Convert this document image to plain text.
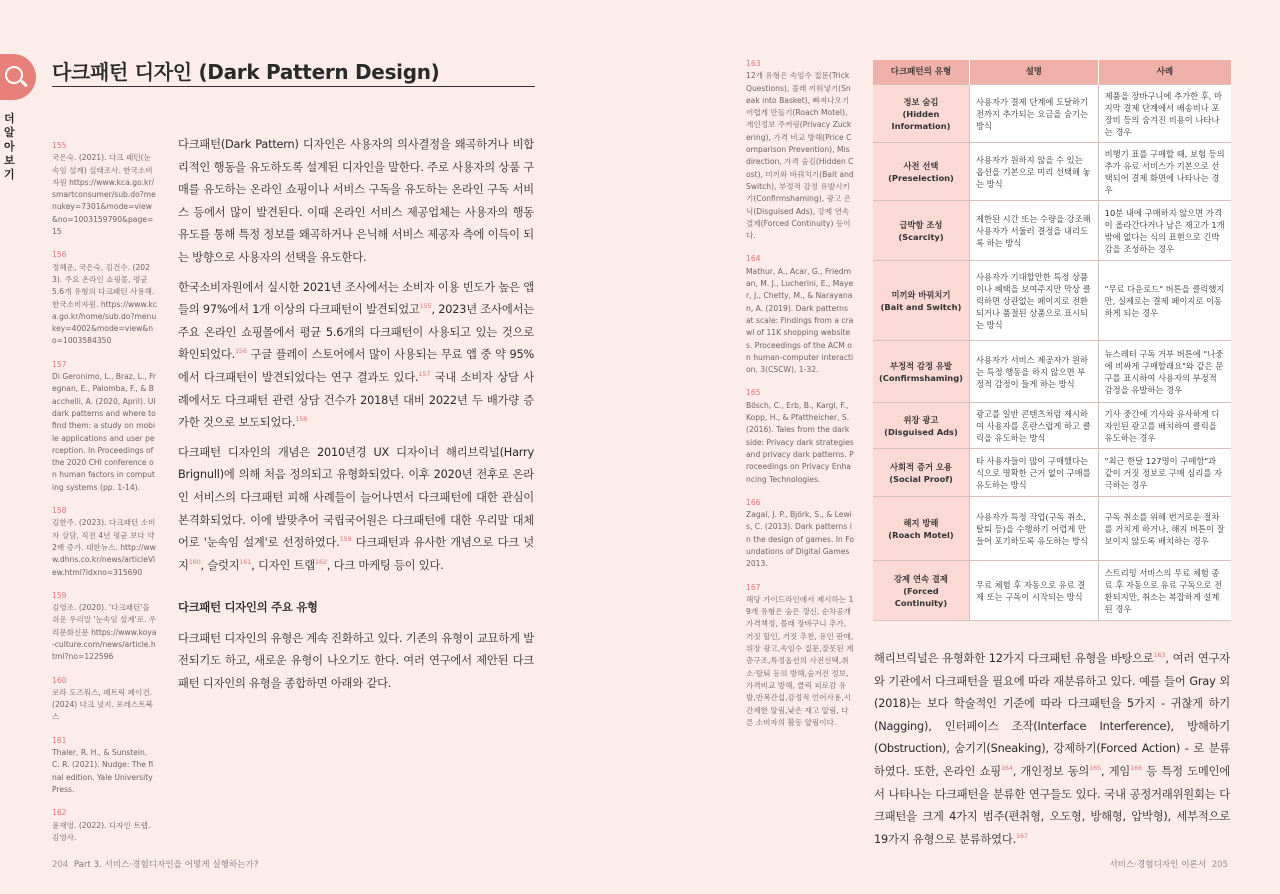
더알아보기
다크패턴 디자인 (Dark Pattern Design)
155
국은숙. (2021). 다크 패턴(눈속임 설계) 실태조사. 한국소비자원 https://www.kca.go.kr/smartconsumer/sub.do?menukey=7301&mode=view&no=1003159790&page=15
156
정혜운, 국은숙, 김건수. (2023). 주요 온라인 쇼핑몰, 평균 5.6개 유형의 다크패턴 사용해. 한국소비자원. https://www.kca.go.kr/home/sub.do?menukey=4002&mode=view&no=1003584350
157
Di Geronimo, L., Braz, L., Fregnan, E., Palomba, F., & Bacchelli, A. (2020, April). UI dark patterns and where to find them: a study on mobile applications and user perception. In Proceedings of the 2020 CHI conference on human factors in computing systems (pp. 1-14).
158
김한주. (2023). 다크패턴 소비자 상담, 직전 4년 평균 보다 약 2배 증가. 대한뉴스. http://www.dhns.co.kr/news/articleView.html?idxno=315690
159
김영조. (2020). '다크패턴'을 쉬운 우리말 '눈속임 설계'로. 우리문화신문 https://www.koya-culture.com/news/article.html?no=122596
160
로라 도즈워스, 패트릭 페이건. (2024) 다크 넛지. 포레스트북스
161
Thaler, R. H., & Sunstein, C. R. (2021). Nudge: The final edition. Yale University Press.
162
윤재영. (2022). 디자인 트랩. 김영사.

다크패턴(Dark Pattern) 디자인은 사용자의 의사결정을 왜곡하거나 비합리적인 행동을 유도하도록 설계된 디자인을 말한다. 주로 사용자의 상품 구매를 유도하는 온라인 쇼핑이나 서비스 구독을 유도하는 온라인 구독 서비스 등에서 많이 발견된다. 이때 온라인 서비스 제공업체는 사용자의 행동 유도를 통해 특정 정보를 왜곡하거나 은닉해 서비스 제공자 측에 이득이 되는 방향으로 사용자의 선택을 유도한다.

한국소비자원에서 실시한 2021년 조사에서는 소비자 이용 빈도가 높은 앱들의 97%에서 1개 이상의 다크패턴이 발견되었고$^{155}$, 2023년 조사에서는 주요 온라인 쇼핑몰에서 평균 5.6개의 다크패턴이 사용되고 있는 것으로 확인되었다.$^{156}$ 구글 플레이 스토어에서 많이 사용되는 무료 앱 중 약 95%에서 다크패턴이 발견되었다는 연구 결과도 있다.$^{157}$ 국내 소비자 상담 사례에서도 다크패턴 관련 상담 건수가 2018년 대비 2022년 두 배가량 증가한 것으로 보도되었다.$^{158}$

다크패턴 디자인의 개념은 2010년경 UX 디자이너 해리브릭널(Harry Brignull)에 의해 처음 정의되고 유형화되었다. 이후 2020년 전후로 온라인 서비스의 다크패턴 피해 사례들이 늘어나면서 다크패턴에 대한 관심이 본격화되었다. 이에 발맞추어 국립국어원은 다크패턴에 대한 우리말 대체어로 '눈속임 설계'로 선정하였다.$^{159}$ 다크패턴과 유사한 개념으로 다크 넛지$^{160}$, 슬럿지$^{161}$, 디자인 트랩$^{162}$, 다크 마케팅 등이 있다.

다크패턴 디자인의 주요 유형

다크패턴 디자인의 유형은 계속 진화하고 있다. 기존의 유형이 교묘하게 발전되기도 하고, 새로운 유형이 나오기도 한다. 여러 연구에서 제안된 다크패턴 디자인의 유형을 종합하면 아래와 같다.

163
12개 유형은 속임수 질문(Trick Questions), 몰래 끼워넣기(Sneak into Basket), 빠져나오기 어렵게 만들기(Roach Motel), 개인정보 주커링(Privacy Zuckering), 가격 비교 방해(Price Comparison Prevention), Misdirection, 가격 숨김(Hidden Cost), 미끼와 바꿔치기(Bait and Switch), 부정적 감정 유발시키기(Confirmshaming), 광고 은닉(Disguised Ads), 강제 연속 결제(Forced Continuity) 등이다.
164
Mathur, A., Acar, G., Friedman, M. J., Lucherini, E., Mayer, J., Chetty, M., & Narayanan, A. (2019). Dark patterns at scale: Findings from a crawl of 11K shopping websites. Proceedings of the ACM on human-computer interaction, 3(CSCW), 1-32.
165
Bösch, C., Erb, B., Kargl, F., Kopp, H., & Pfattheicher, S. (2016). Tales from the dark side: Privacy dark strategies and privacy dark patterns. Proceedings on Privacy Enhancing Technologies.
166
Zagal, J. P., Björk, S., & Lewis, C. (2013). Dark patterns in the design of games. In Foundations of Digital Games 2013.
167
해당 가이드라인에서 제시하는 19개 유형은 숨은 갱신, 순차공개 가격책정, 몰래 장바구니 추가, 거짓 할인, 거짓 추천, 유인 판매,위장 광고,속임수 질문,잘못된 계층구조,특정옵션의 사전선택,취소·탈퇴 등의 방해,숨겨진 정보,가격비교 방해, 클릭 피로감 유발,반복간섭,감정적 언어사용,시간제한 알림,낮은 재고 알림, 다른 소비자의 활동 알림이다.
다크패턴의 유형	설명	사례

정보 숨김
(Hidden
Information)	사용자가 결제 단계에 도달하기 전까지 추가되는 요금을 숨기는 방식	제품을 장바구니에 추가한 후, 마지막 결제 단계에서 배송비나 포장비 등의 숨겨진 비용이 나타나는 경우

사전 선택
(Preselection)	사용자가 원하지 않을 수 있는 옵션을 기본으로 미리 선택해 놓는 방식	비행기 표를 구매할 때, 보험 등의 추가 유료 서비스가 기본으로 선택되어 결제 화면에 나타나는 경우

급박함 조성
(Scarcity)	제한된 시간 또는 수량을 강조해 사용자가 서둘러 결정을 내리도록 하는 방식	10분 내에 구매하지 않으면 가격이 올라간다거나 남은 재고가 1개밖에 없다는 식의 표현으로 긴박감을 조성하는 경우

미끼와 바꿔치기
(Bait and Switch)	사용자가 기대할만한 특정 상품이나 혜택을 보여주지만 막상 클릭하면 상관없는 페이지로 전환되거나 품절된 상품으로 표시되는 방식	"무료 다운로드" 버튼을 클릭했지만, 실제로는 결제 페이지로 이동하게 되는 경우

부정적 감정 유발
(Confirmshaming)	사용자가 서비스 제공자가 원하는 특정 행동을 하지 않으면 부정적 감정이 들게 하는 방식	뉴스레터 구독 거부 버튼에 "나중에 비싸게 구매할래요"와 같은 문구를 표시하여 사용자의 부정적 감정을 유발하는 경우

위장 광고
(Disguised Ads)	광고를 일반 콘텐츠처럼 제시하여 사용자를 혼란스럽게 하고 클릭을 유도하는 방식	기사 중간에 기사와 유사하게 디자인된 광고를 배치하여 클릭을 유도하는 경우

사회적 증거 오용
(Social Proof)	타 사용자들이 많이 구매했다는 식으로 명확한 근거 없이 구매를 유도하는 방식	"최근 한달 127명이 구매함"과 같이 거짓 정보로 구매 심리를 자극하는 경우

해지 방해
(Roach Motel)	사용자가 특정 작업(구독 취소, 탈퇴 등)을 수행하기 어렵게 만들어 포기하도록 유도하는 방식	구독 취소를 위해 번거로운 절차를 거치게 하거나, 해지 버튼이 잘 보이지 않도록 배치하는 경우

강제 연속 결제
(Forced Continuity)	무료 체험 후 자동으로 유료 결제 또는 구독이 시작되는 방식	스트리밍 서비스의 무료 체험 종료 후 자동으로 유료 구독으로 전환되지만, 취소는 복잡하게 설계된 경우
해리브릭널은 유형화한 12가지 다크패턴 유형을 바탕으로$^{163}$, 여러 연구자와 기관에서 다크패턴을 필요에 따라 재분류하고 있다. 예를 들어 Gray 외(2018)는 보다 학술적인 기준에 따라 다크패턴을 5가지 - 귀찮게 하기(Nagging), 인터페이스 조작(Interface Interference), 방해하기(Obstruction), 숨기기(Sneaking), 강제하기(Forced Action) - 로 분류하였다. 또한, 온라인 쇼핑$^{164}$, 개인정보 동의$^{165}$, 게임$^{166}$ 등 특정 도메인에서 나타나는 다크패턴을 분류한 연구들도 있다. 국내 공정거래위원회는 다크패턴을 크게 4가지 범주(편취형, 오도형, 방해형, 압박형), 세부적으로 19가지 유형으로 분류하였다.$^{167}$
204 Part 3. 서비스·경험디자인을 어떻게 실행하는가?	서비스·경험디자인 이론서 205
